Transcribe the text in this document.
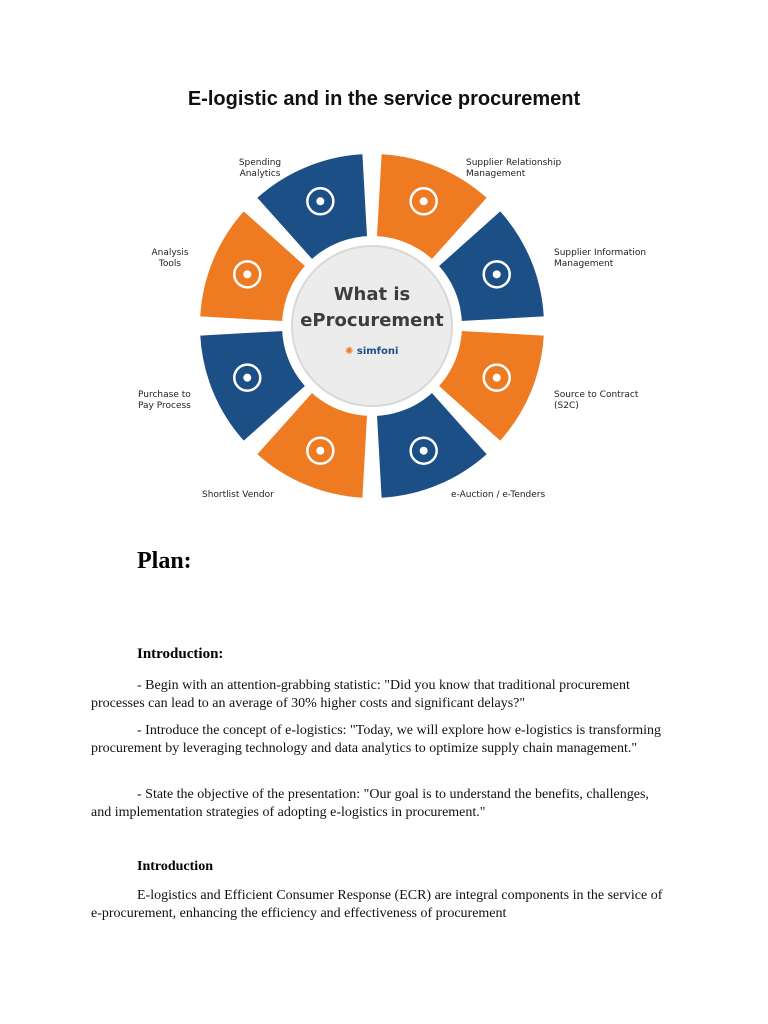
E-logistic and in the service procurement
Spending
Analytics
Supplier Relationship
Management
Supplier Information
Management
Source to Contract
(S2C)
e-Auction / e-Tenders
Shortlist Vendor
Purchase to
Pay Process
Analysis
Tools
What is
eProcurement
✺ simfoni
Plan:
Introduction:
- Begin with an attention-grabbing statistic: "Did you know that traditional procurement processes can lead to an average of 30% higher costs and significant delays?"
- Introduce the concept of e-logistics: "Today, we will explore how e-logistics is transforming procurement by leveraging technology and data analytics to optimize supply chain management."
- State the objective of the presentation: "Our goal is to understand the benefits, challenges, and implementation strategies of adopting e-logistics in procurement."
Introduction
E-logistics and Efficient Consumer Response (ECR) are integral components in the service of e-procurement, enhancing the efficiency and effectiveness of procurement
